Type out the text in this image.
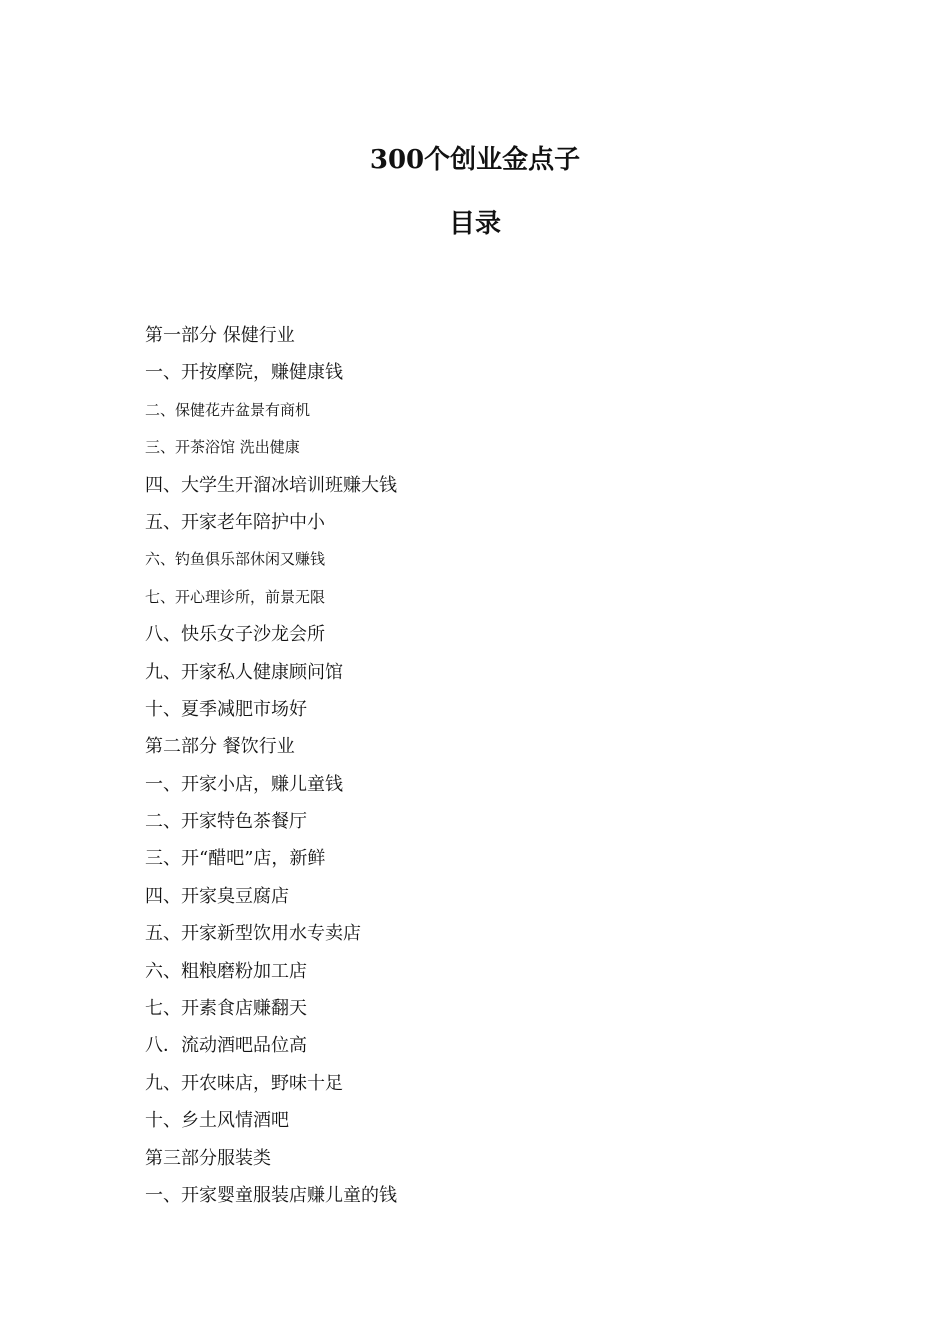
300个创业金点子
目录
第一部分 保健行业
一、开按摩院，赚健康钱
二、保健花卉盆景有商机
三、开茶浴馆 洗出健康
四、大学生开溜冰培训班赚大钱
五、开家老年陪护中小
六、钓鱼俱乐部休闲又赚钱
七、开心理诊所，前景无限
八、快乐女子沙龙会所
九、开家私人健康顾问馆
十、夏季减肥市场好
第二部分 餐饮行业
一、开家小店，赚儿童钱
二、开家特色茶餐厅
三、开“醋吧”店，新鲜
四、开家臭豆腐店
五、开家新型饮用水专卖店
六、粗粮磨粉加工店
七、开素食店赚翻天
八．流动酒吧品位高
九、开农味店，野味十足
十、乡土风情酒吧
第三部分服装类
一、开家婴童服装店赚儿童的钱
